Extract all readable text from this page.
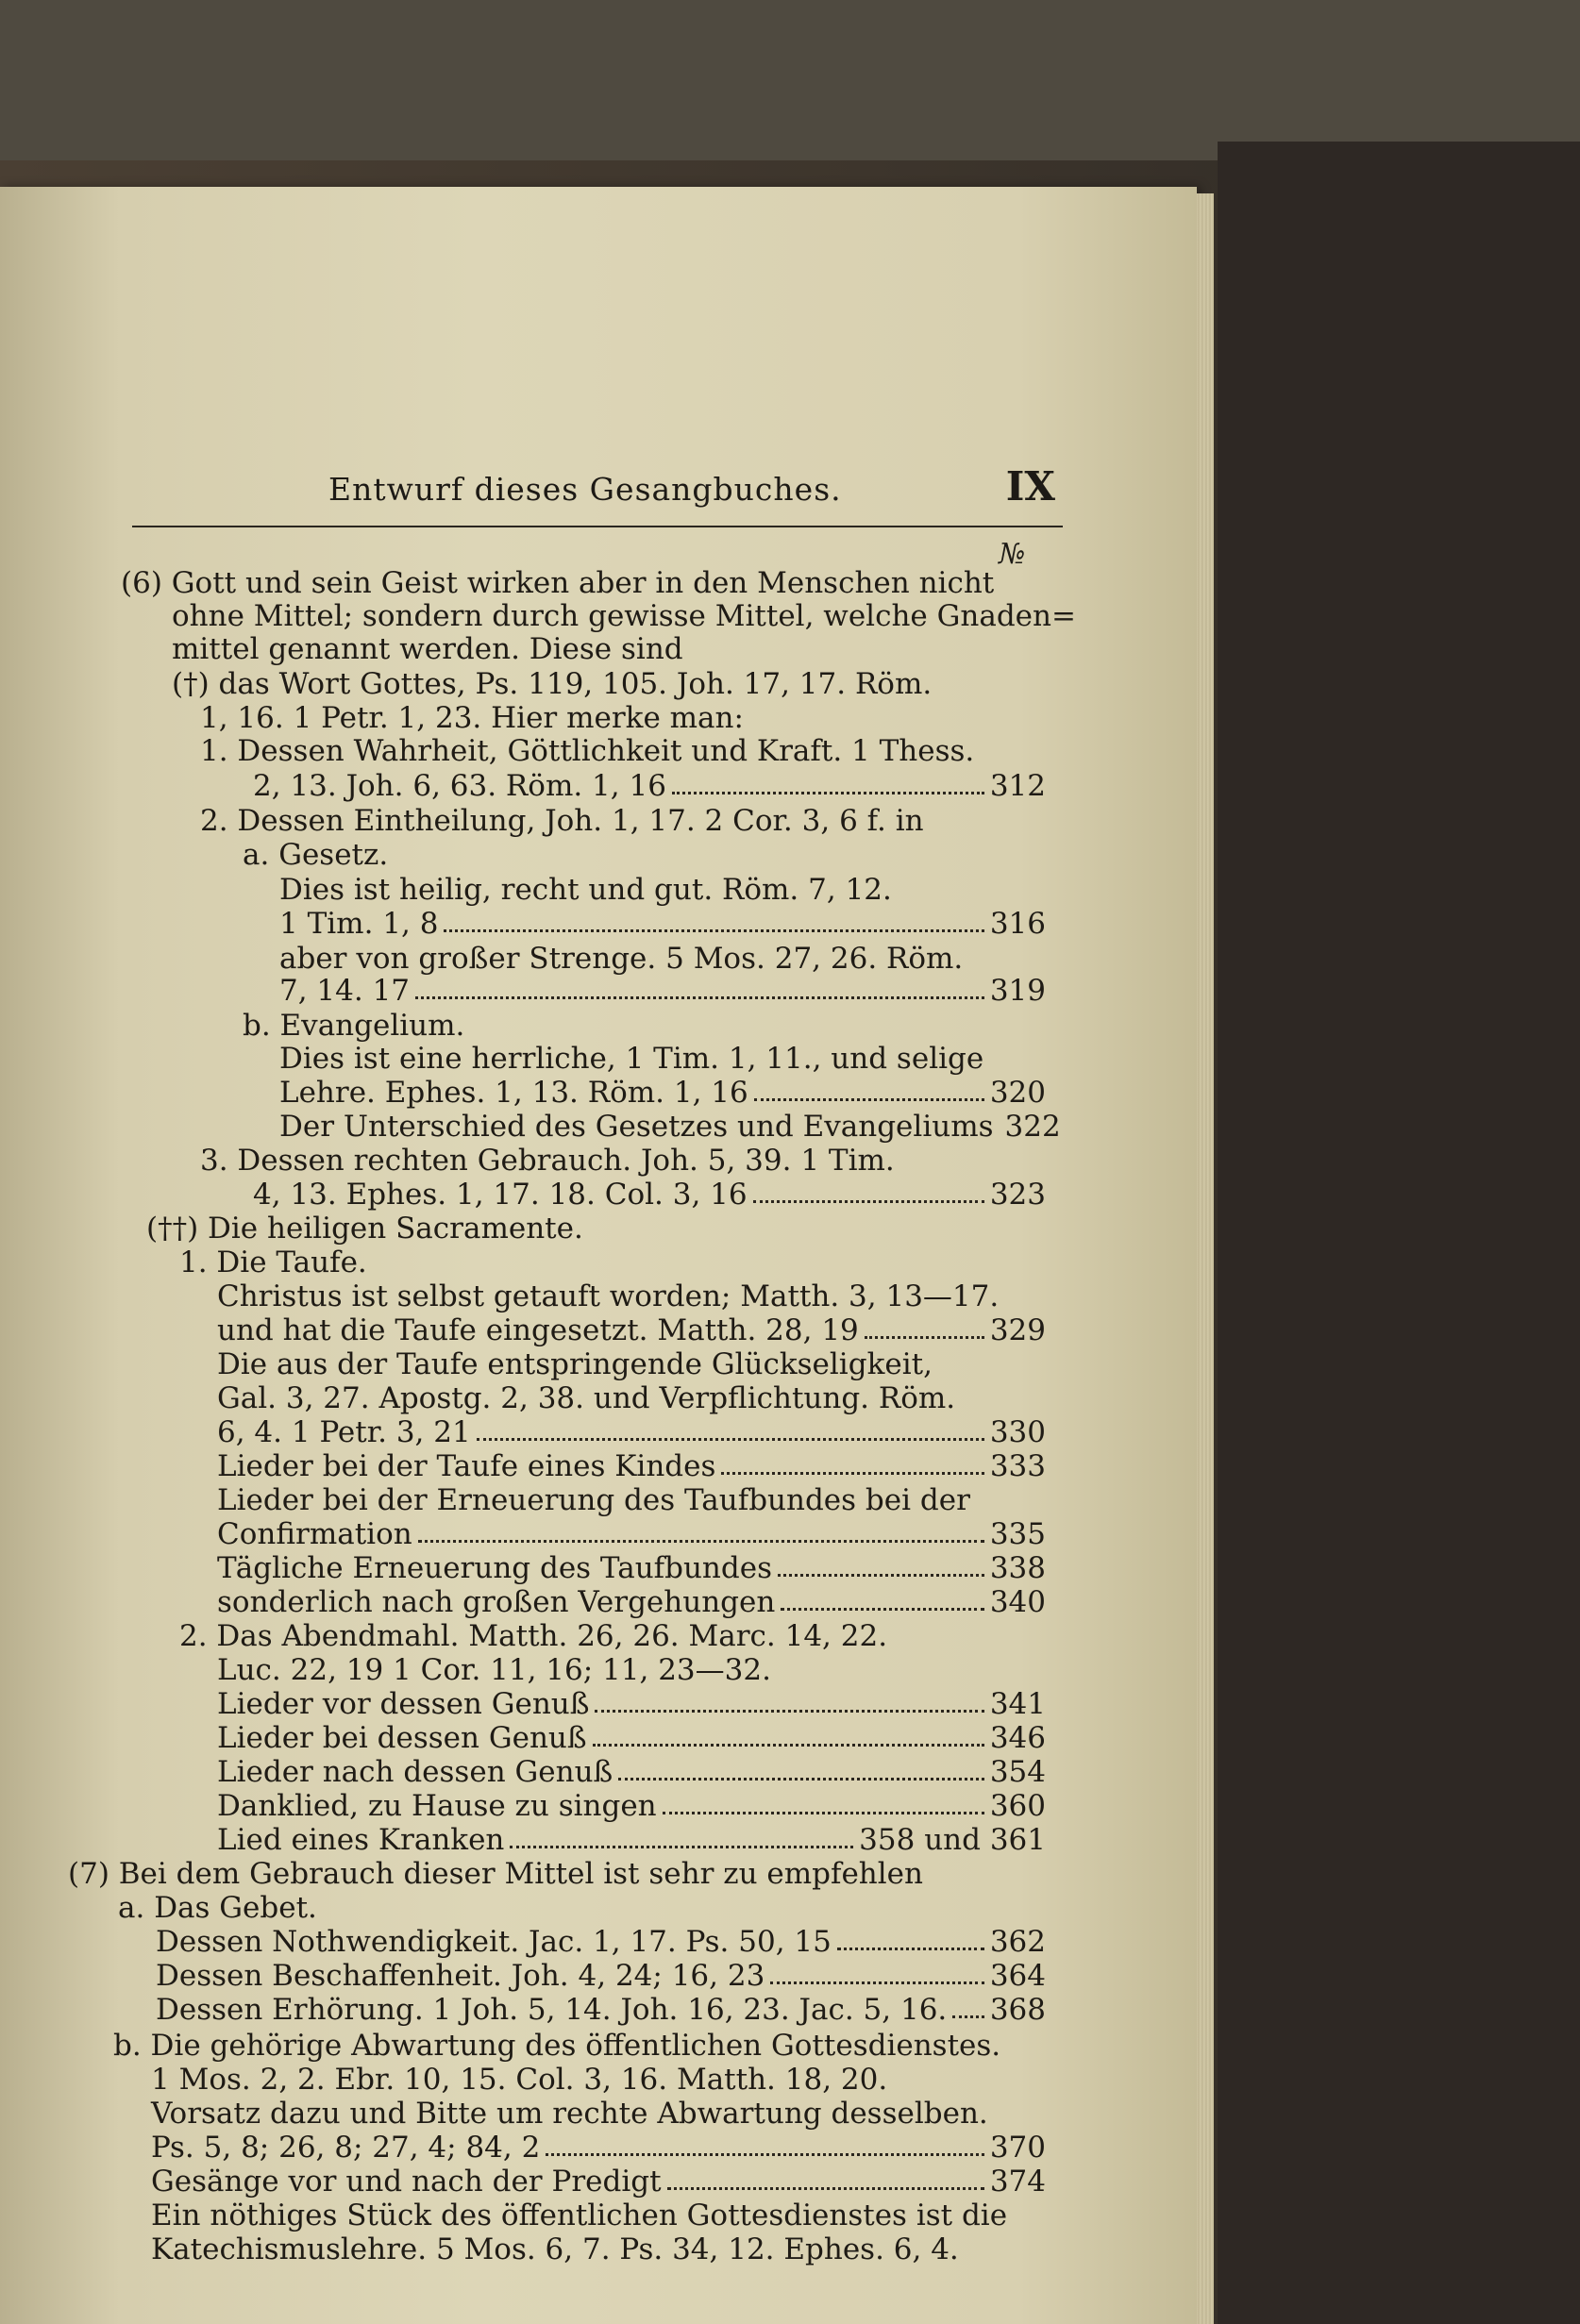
Entwurf dieses Gesangbuches.	IX
№
(6) Gott und sein Geist wirken aber in den Menschen nicht
ohne Mittel; sondern durch gewisse Mittel, welche Gnaden=
mittel genannt werden. Diese sind
(†) das Wort Gottes, Ps. 119, 105. Joh. 17, 17. Röm.
1, 16. 1 Petr. 1, 23. Hier merke man:
1. Dessen Wahrheit, Göttlichkeit und Kraft. 1 Thess.
2, 13. Joh. 6, 63. Röm. 1, 16	312
2. Dessen Eintheilung, Joh. 1, 17. 2 Cor. 3, 6 f. in
a. Gesetz.
Dies ist heilig, recht und gut. Röm. 7, 12.
1 Tim. 1, 8	316
aber von großer Strenge. 5 Mos. 27, 26. Röm.
7, 14. 17	319
b. Evangelium.
Dies ist eine herrliche, 1 Tim. 1, 11., und selige
Lehre. Ephes. 1, 13. Röm. 1, 16	320
Der Unterschied des Gesetzes und Evangeliums 322
3. Dessen rechten Gebrauch. Joh. 5, 39. 1 Tim.
4, 13. Ephes. 1, 17. 18. Col. 3, 16	323
(††) Die heiligen Sacramente.
1. Die Taufe.
Christus ist selbst getauft worden; Matth. 3, 13—17.
und hat die Taufe eingesetzt. Matth. 28, 19	329
Die aus der Taufe entspringende Glückseligkeit,
Gal. 3, 27. Apostg. 2, 38. und Verpflichtung. Röm.
6, 4. 1 Petr. 3, 21	330
Lieder bei der Taufe eines Kindes	333
Lieder bei der Erneuerung des Taufbundes bei der
Confirmation	335
Tägliche Erneuerung des Taufbundes	338
sonderlich nach großen Vergehungen	340
2. Das Abendmahl. Matth. 26, 26. Marc. 14, 22.
Luc. 22, 19 1 Cor. 11, 16; 11, 23—32.
Lieder vor dessen Genuß	341
Lieder bei dessen Genuß	346
Lieder nach dessen Genuß	354
Danklied, zu Hause zu singen	360
Lied eines Kranken	358 und 361
(7) Bei dem Gebrauch dieser Mittel ist sehr zu empfehlen
a. Das Gebet.
Dessen Nothwendigkeit. Jac. 1, 17. Ps. 50, 15	362
Dessen Beschaffenheit. Joh. 4, 24; 16, 23	364
Dessen Erhörung. 1 Joh. 5, 14. Joh. 16, 23. Jac. 5, 16. 368
b. Die gehörige Abwartung des öffentlichen Gottesdienstes.
1 Mos. 2, 2. Ebr. 10, 15. Col. 3, 16. Matth. 18, 20.
Vorsatz dazu und Bitte um rechte Abwartung desselben.
Ps. 5, 8; 26, 8; 27, 4; 84, 2	370
Gesänge vor und nach der Predigt	374
Ein nöthiges Stück des öffentlichen Gottesdienstes ist die
Katechismuslehre. 5 Mos. 6, 7. Ps. 34, 12. Ephes. 6, 4.
